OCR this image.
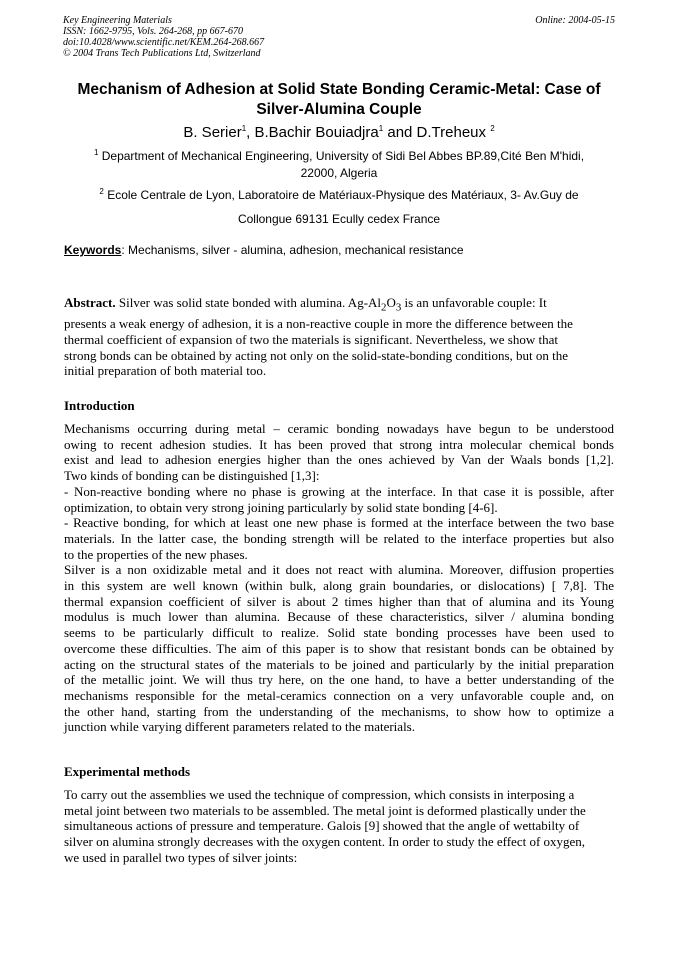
Key Engineering Materials
ISSN: 1662-9795, Vols. 264-268, pp 667-670
doi:10.4028/www.scientific.net/KEM.264-268.667
© 2004 Trans Tech Publications Ltd, Switzerland
Online: 2004-05-15
Mechanism of Adhesion at Solid State Bonding Ceramic-Metal: Case of
Silver-Alumina Couple
B. Serier$^1$, B.Bachir Bouiadjra$^1$ and D.Treheux $^2$
$^1$ Department of Mechanical Engineering, University of Sidi Bel Abbes BP.89,Cité Ben M'hidi,
22000, Algeria
$^2$ Ecole Centrale de Lyon, Laboratoire de Matériaux-Physique des Matériaux, 3- Av.Guy de
Collongue 69131 Ecully cedex France
Keywords: Mechanisms, silver - alumina, adhesion, mechanical resistance
Abstract. Silver was solid state bonded with alumina. $Ag-Al_2O_3$ is an unfavorable couple: It
presents a weak energy of adhesion, it is a non-reactive couple in more the difference between the
thermal coefficient of expansion of two the materials is significant. Nevertheless, we show that
strong bonds can be obtained by acting not only on the solid-state-bonding conditions, but on the
initial preparation of both material too.
Introduction
Mechanisms occurring during metal – ceramic bonding nowadays have begun to be understood
owing to recent adhesion studies. It has been proved that strong intra molecular chemical bonds
exist and lead to adhesion energies higher than the ones achieved by Van der Waals bonds [1,2].
Two kinds of bonding can be distinguished [1,3]:
- Non-reactive bonding where no phase is growing at the interface. In that case it is possible, after
optimization, to obtain very strong joining particularly by solid state bonding [4-6].
- Reactive bonding, for which at least one new phase is formed at the interface between the two base
materials. In the latter case, the bonding strength will be related to the interface properties but also
to the properties of the new phases.
Silver is a non oxidizable metal and it does not react with alumina. Moreover, diffusion properties
in this system are well known (within bulk, along grain boundaries, or dislocations) [ 7,8]. The
thermal expansion coefficient of silver is about 2 times higher than that of alumina and its Young
modulus is much lower than alumina. Because of these characteristics, silver / alumina bonding
seems to be particularly difficult to realize. Solid state bonding processes have been used to
overcome these difficulties. The aim of this paper is to show that resistant bonds can be obtained by
acting on the structural states of the materials to be joined and particularly by the initial preparation
of the metallic joint. We will thus try here, on the one hand, to have a better understanding of the
mechanisms responsible for the metal-ceramics connection on a very unfavorable couple and, on
the other hand, starting from the understanding of the mechanisms, to show how to optimize a
junction while varying different parameters related to the materials.
Experimental methods
To carry out the assemblies we used the technique of compression, which consists in interposing a
metal joint between two materials to be assembled. The metal joint is deformed plastically under the
simultaneous actions of pressure and temperature. Galois [9] showed that the angle of wettabilty of
silver on alumina strongly decreases with the oxygen content. In order to study the effect of oxygen,
we used in parallel two types of silver joints:
